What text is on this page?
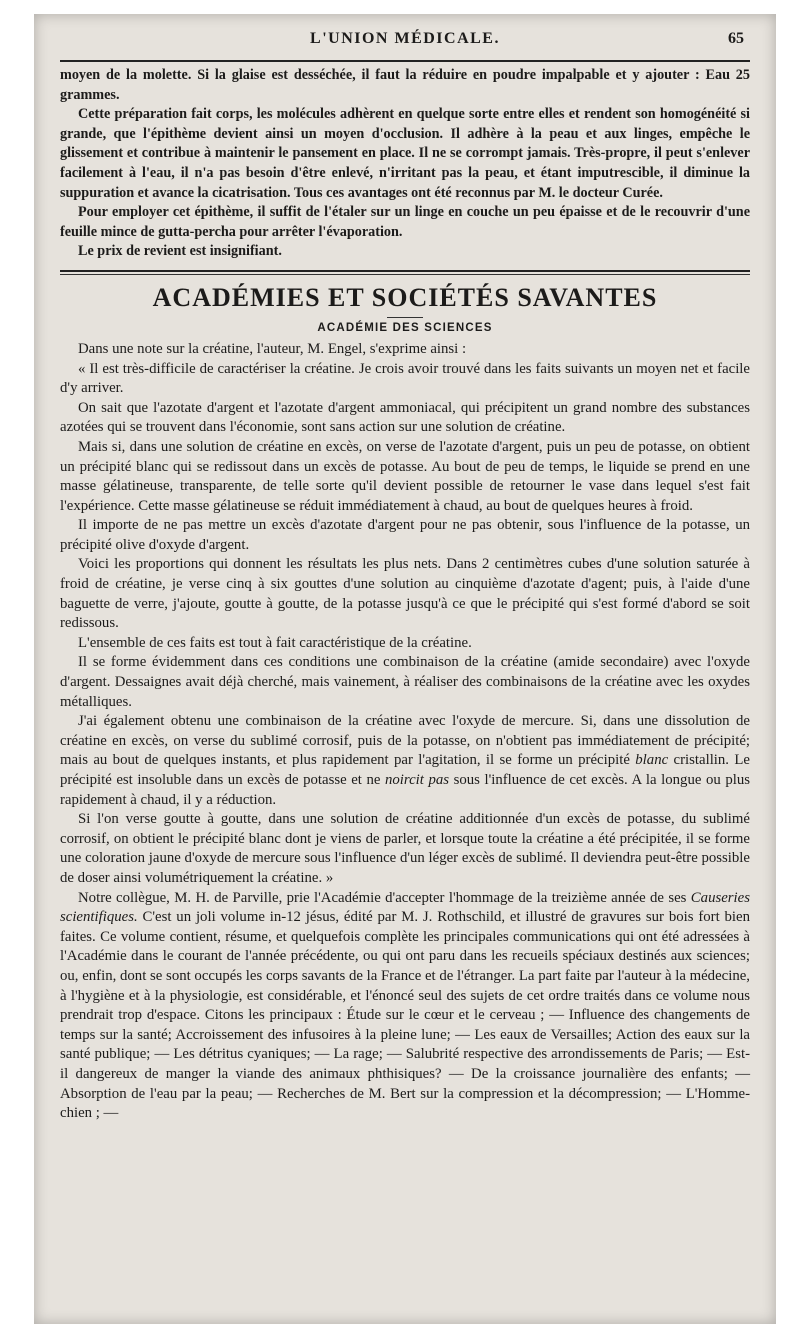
L'UNION MÉDICALE.	65

moyen de la molette. Si la glaise est desséchée, il faut la réduire en poudre impalpable et y ajouter : Eau 25 grammes.

Cette préparation fait corps, les molécules adhèrent en quelque sorte entre elles et rendent son homogénéité si grande, que l'épithème devient ainsi un moyen d'occlusion. Il adhère à la peau et aux linges, empêche le glissement et contribue à maintenir le pansement en place. Il ne se corrompt jamais. Très-propre, il peut s'enlever facilement à l'eau, il n'a pas besoin d'être enlevé, n'irritant pas la peau, et étant imputrescible, il diminue la suppuration et avance la cicatrisation. Tous ces avantages ont été reconnus par M. le docteur Curée.

Pour employer cet épithème, il suffit de l'étaler sur un linge en couche un peu épaisse et de le recouvrir d'une feuille mince de gutta-percha pour arrêter l'évaporation.

Le prix de revient est insignifiant.

ACADÉMIES ET SOCIÉTÉS SAVANTES
ACADÉMIE DES SCIENCES

Dans une note sur la créatine, l'auteur, M. Engel, s'exprime ainsi :

« Il est très-difficile de caractériser la créatine. Je crois avoir trouvé dans les faits suivants un moyen net et facile d'y arriver.

On sait que l'azotate d'argent et l'azotate d'argent ammoniacal, qui précipitent un grand nombre des substances azotées qui se trouvent dans l'économie, sont sans action sur une solution de créatine.

Mais si, dans une solution de créatine en excès, on verse de l'azotate d'argent, puis un peu de potasse, on obtient un précipité blanc qui se redissout dans un excès de potasse. Au bout de peu de temps, le liquide se prend en une masse gélatineuse, transparente, de telle sorte qu'il devient possible de retourner le vase dans lequel s'est fait l'expérience. Cette masse gélatineuse se réduit immédiatement à chaud, au bout de quelques heures à froid.

Il importe de ne pas mettre un excès d'azotate d'argent pour ne pas obtenir, sous l'influence de la potasse, un précipité olive d'oxyde d'argent.

Voici les proportions qui donnent les résultats les plus nets. Dans 2 centimètres cubes d'une solution saturée à froid de créatine, je verse cinq à six gouttes d'une solution au cinquième d'azotate d'agent; puis, à l'aide d'une baguette de verre, j'ajoute, goutte à goutte, de la potasse jusqu'à ce que le précipité qui s'est formé d'abord se soit redissous.

L'ensemble de ces faits est tout à fait caractéristique de la créatine.

Il se forme évidemment dans ces conditions une combinaison de la créatine (amide secondaire) avec l'oxyde d'argent. Dessaignes avait déjà cherché, mais vainement, à réaliser des combinaisons de la créatine avec les oxydes métalliques.

J'ai également obtenu une combinaison de la créatine avec l'oxyde de mercure. Si, dans une dissolution de créatine en excès, on verse du sublimé corrosif, puis de la potasse, on n'obtient pas immédiatement de précipité; mais au bout de quelques instants, et plus rapidement par l'agitation, il se forme un précipité blanc cristallin. Le précipité est insoluble dans un excès de potasse et ne noircit pas sous l'influence de cet excès. A la longue ou plus rapidement à chaud, il y a réduction.

Si l'on verse goutte à goutte, dans une solution de créatine additionnée d'un excès de potasse, du sublimé corrosif, on obtient le précipité blanc dont je viens de parler, et lorsque toute la créatine a été précipitée, il se forme une coloration jaune d'oxyde de mercure sous l'influence d'un léger excès de sublimé. Il deviendra peut-être possible de doser ainsi volumétriquement la créatine. »

Notre collègue, M. H. de Parville, prie l'Académie d'accepter l'hommage de la treizième année de ses Causeries scientifiques. C'est un joli volume in-12 jésus, édité par M. J. Rothschild, et illustré de gravures sur bois fort bien faites. Ce volume contient, résume, et quelquefois complète les principales communications qui ont été adressées à l'Académie dans le courant de l'année précédente, ou qui ont paru dans les recueils spéciaux destinés aux sciences; ou, enfin, dont se sont occupés les corps savants de la France et de l'étranger. La part faite par l'auteur à la médecine, à l'hygiène et à la physiologie, est considérable, et l'énoncé seul des sujets de cet ordre traités dans ce volume nous prendrait trop d'espace. Citons les principaux : Étude sur le cœur et le cerveau ; — Influence des changements de temps sur la santé; Accroissement des infusoires à la pleine lune; — Les eaux de Versailles; Action des eaux sur la santé publique; — Les détritus cyaniques; — La rage; — Salubrité respective des arrondissements de Paris; — Est-il dangereux de manger la viande des animaux phthisiques? — De la croissance journalière des enfants; — Absorption de l'eau par la peau; — Recherches de M. Bert sur la compression et la décompression; — L'Homme-chien ; —
